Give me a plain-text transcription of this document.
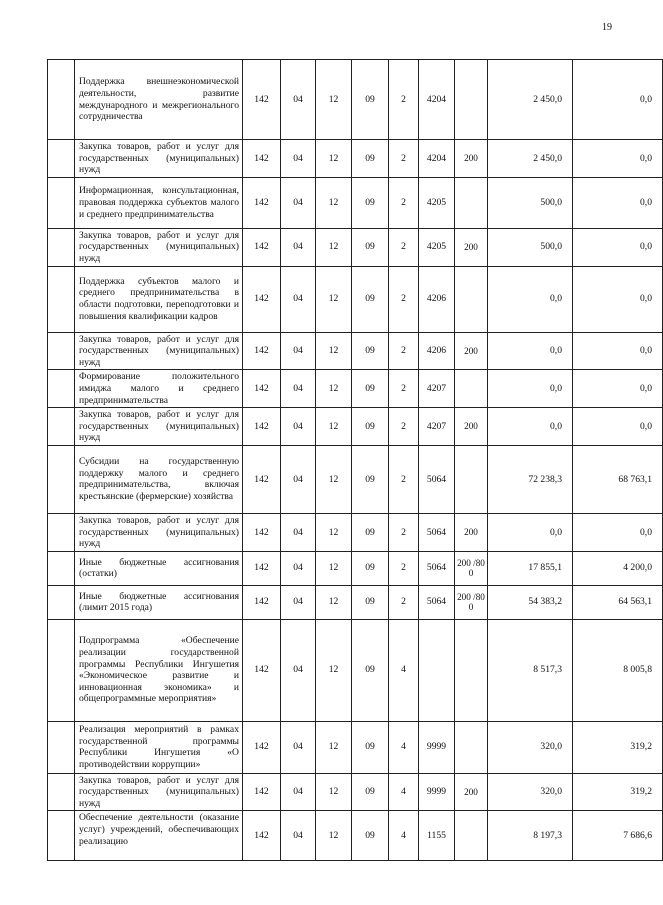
19
	Поддержка внешнеэкономической деятельности, развитие международного и межрегионального сотрудничества	142	04	12	09	2	4204		2 450,0	0,0
	Закупка товаров, работ и услуг для государственных (муниципальных) нужд	142	04	12	09	2	4204	200	2 450,0	0,0
	Информационная, консультационная, правовая поддержка субъектов малого и среднего предпринимательства	142	04	12	09	2	4205		500,0	0,0
	Закупка товаров, работ и услуг для государственных (муниципальных) нужд	142	04	12	09	2	4205	200	500,0	0,0
	Поддержка субъектов малого и среднего предпринимательства в области подготовки, переподготовки и повышения квалификации кадров	142	04	12	09	2	4206		0,0	0,0
	Закупка товаров, работ и услуг для государственных (муниципальных) нужд	142	04	12	09	2	4206	200	0,0	0,0
	Формирование положительного имиджа малого и среднего предпринимательства	142	04	12	09	2	4207		0,0	0,0
	Закупка товаров, работ и услуг для государственных (муниципальных) нужд	142	04	12	09	2	4207	200	0,0	0,0
	Субсидии на государственную поддержку малого и среднего предпринимательства, включая крестьянские (фермерские) хозяйства	142	04	12	09	2	5064		72 238,3	68 763,1
	Закупка товаров, работ и услуг для государственных (муниципальных) нужд	142	04	12	09	2	5064	200	0,0	0,0
	Иные бюджетные ассигнования (остатки)	142	04	12	09	2	5064	200 /80 0	17 855,1	4 200,0
	Иные бюджетные ассигнования (лимит 2015 года)	142	04	12	09	2	5064	200 /80 0	54 383,2	64 563,1
	Подпрограмма «Обеспечение реализации государственной программы Республики Ингушетия «Экономическое развитие и инновационная экономика» и общепрограммные мероприятия»	142	04	12	09	4			8 517,3	8 005,8
	Реализация мероприятий в рамках государственной программы Республики Ингушетия «О противодействии коррупции»	142	04	12	09	4	9999		320,0	319,2
	Закупка товаров, работ и услуг для государственных (муниципальных) нужд	142	04	12	09	4	9999	200	320,0	319,2
	Обеспечение деятельности (оказание услуг) учреждений, обеспечивающих реализацию	142	04	12	09	4	1155		8 197,3	7 686,6
